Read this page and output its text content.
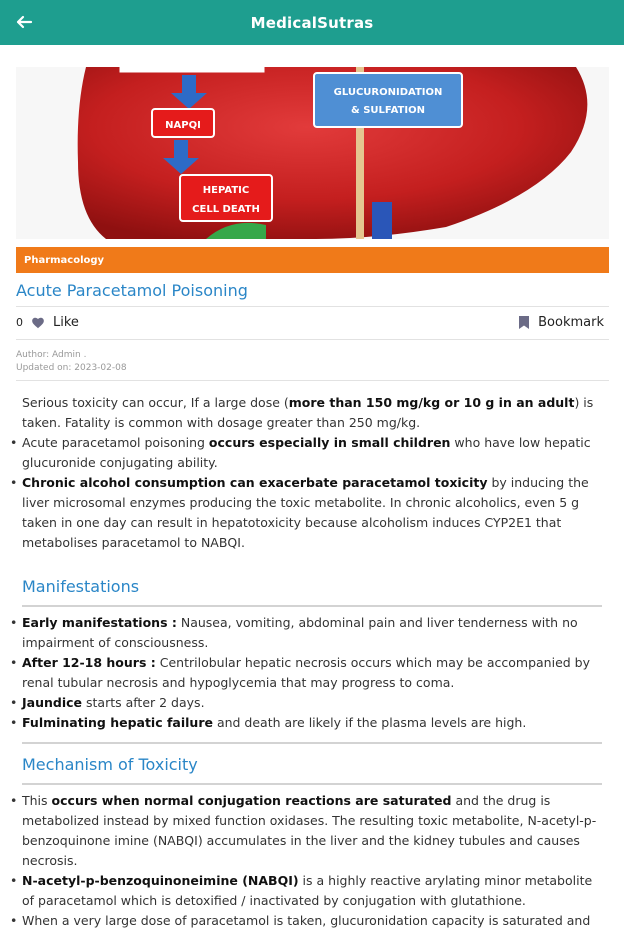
MedicalSutras
NAPQI
HEPATIC
CELL DEATH
GLUCURONIDATION
& SULFATION
Pharmacology
Acute Paracetamol Poisoning
0 Like	Bookmark
Author: Admin .
Updated on: 2023-02-08

Serious toxicity can occur, If a large dose (more than 150 mg/kg or 10 g in an adult) is taken. Fatality is common with dosage greater than 250 mg/kg.

• Acute paracetamol poisoning occurs especially in small children who have low hepatic glucuronide conjugating ability.

• Chronic alcohol consumption can exacerbate paracetamol toxicity by inducing the liver microsomal enzymes producing the toxic metabolite. In chronic alcoholics, even 5 g taken in one day can result in hepatotoxicity because alcoholism induces CYP2E1 that metabolises paracetamol to NABQI.

Manifestations

• Early manifestations : Nausea, vomiting, abdominal pain and liver tenderness with no impairment of consciousness.

• After 12-18 hours : Centrilobular hepatic necrosis occurs which may be accompanied by renal tubular necrosis and hypoglycemia that may progress to coma.

• Jaundice starts after 2 days.

• Fulminating hepatic failure and death are likely if the plasma levels are high.

Mechanism of Toxicity

• This occurs when normal conjugation reactions are saturated and the drug is metabolized instead by mixed function oxidases. The resulting toxic metabolite, N-acetyl-p-benzoquinone imine (NABQI) accumulates in the liver and the kidney tubules and causes necrosis.

• N-acetyl-p-benzoquinoneimine (NABQI) is a highly reactive arylating minor metabolite of paracetamol which is detoxified / inactivated by conjugation with glutathione.

• When a very large dose of paracetamol is taken, glucuronidation capacity is saturated and
